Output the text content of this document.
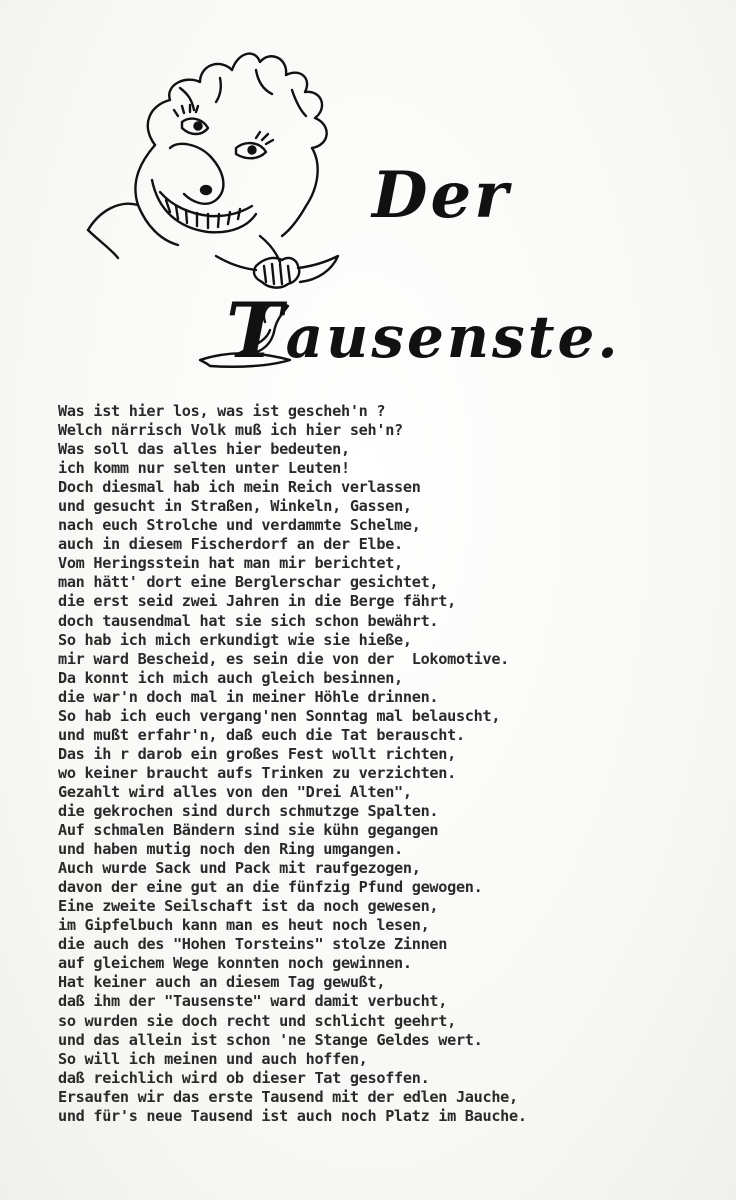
Der
Tausenste.
Was ist hier los, was ist gescheh'n ?
Welch närrisch Volk muß ich hier seh'n?
Was soll das alles hier bedeuten,
ich komm nur selten unter Leuten!
Doch diesmal hab ich mein Reich verlassen
und gesucht in Straßen, Winkeln, Gassen,
nach euch Strolche und verdammte Schelme,
auch in diesem Fischerdorf an der Elbe.
Vom Heringsstein hat man mir berichtet,
man hätt' dort eine Berglerschar gesichtet,
die erst seid zwei Jahren in die Berge fährt,
doch tausendmal hat sie sich schon bewährt.
So hab ich mich erkundigt wie sie hieße,
mir ward Bescheid, es sein die von der  Lokomotive.
Da konnt ich mich auch gleich besinnen,
die war'n doch mal in meiner Höhle drinnen.
So hab ich euch vergang'nen Sonntag mal belauscht,
und mußt erfahr'n, daß euch die Tat berauscht.
Das ih r darob ein großes Fest wollt richten,
wo keiner braucht aufs Trinken zu verzichten.
Gezahlt wird alles von den "Drei Alten",
die gekrochen sind durch schmutzge Spalten.
Auf schmalen Bändern sind sie kühn gegangen
und haben mutig noch den Ring umgangen.
Auch wurde Sack und Pack mit raufgezogen,
davon der eine gut an die fünfzig Pfund gewogen.
Eine zweite Seilschaft ist da noch gewesen,
im Gipfelbuch kann man es heut noch lesen,
die auch des "Hohen Torsteins" stolze Zinnen
auf gleichem Wege konnten noch gewinnen.
Hat keiner auch an diesem Tag gewußt,
daß ihm der "Tausenste" ward damit verbucht,
so wurden sie doch recht und schlicht geehrt,
und das allein ist schon 'ne Stange Geldes wert.
So will ich meinen und auch hoffen,
daß reichlich wird ob dieser Tat gesoffen.
Ersaufen wir das erste Tausend mit der edlen Jauche,
und für's neue Tausend ist auch noch Platz im Bauche.
